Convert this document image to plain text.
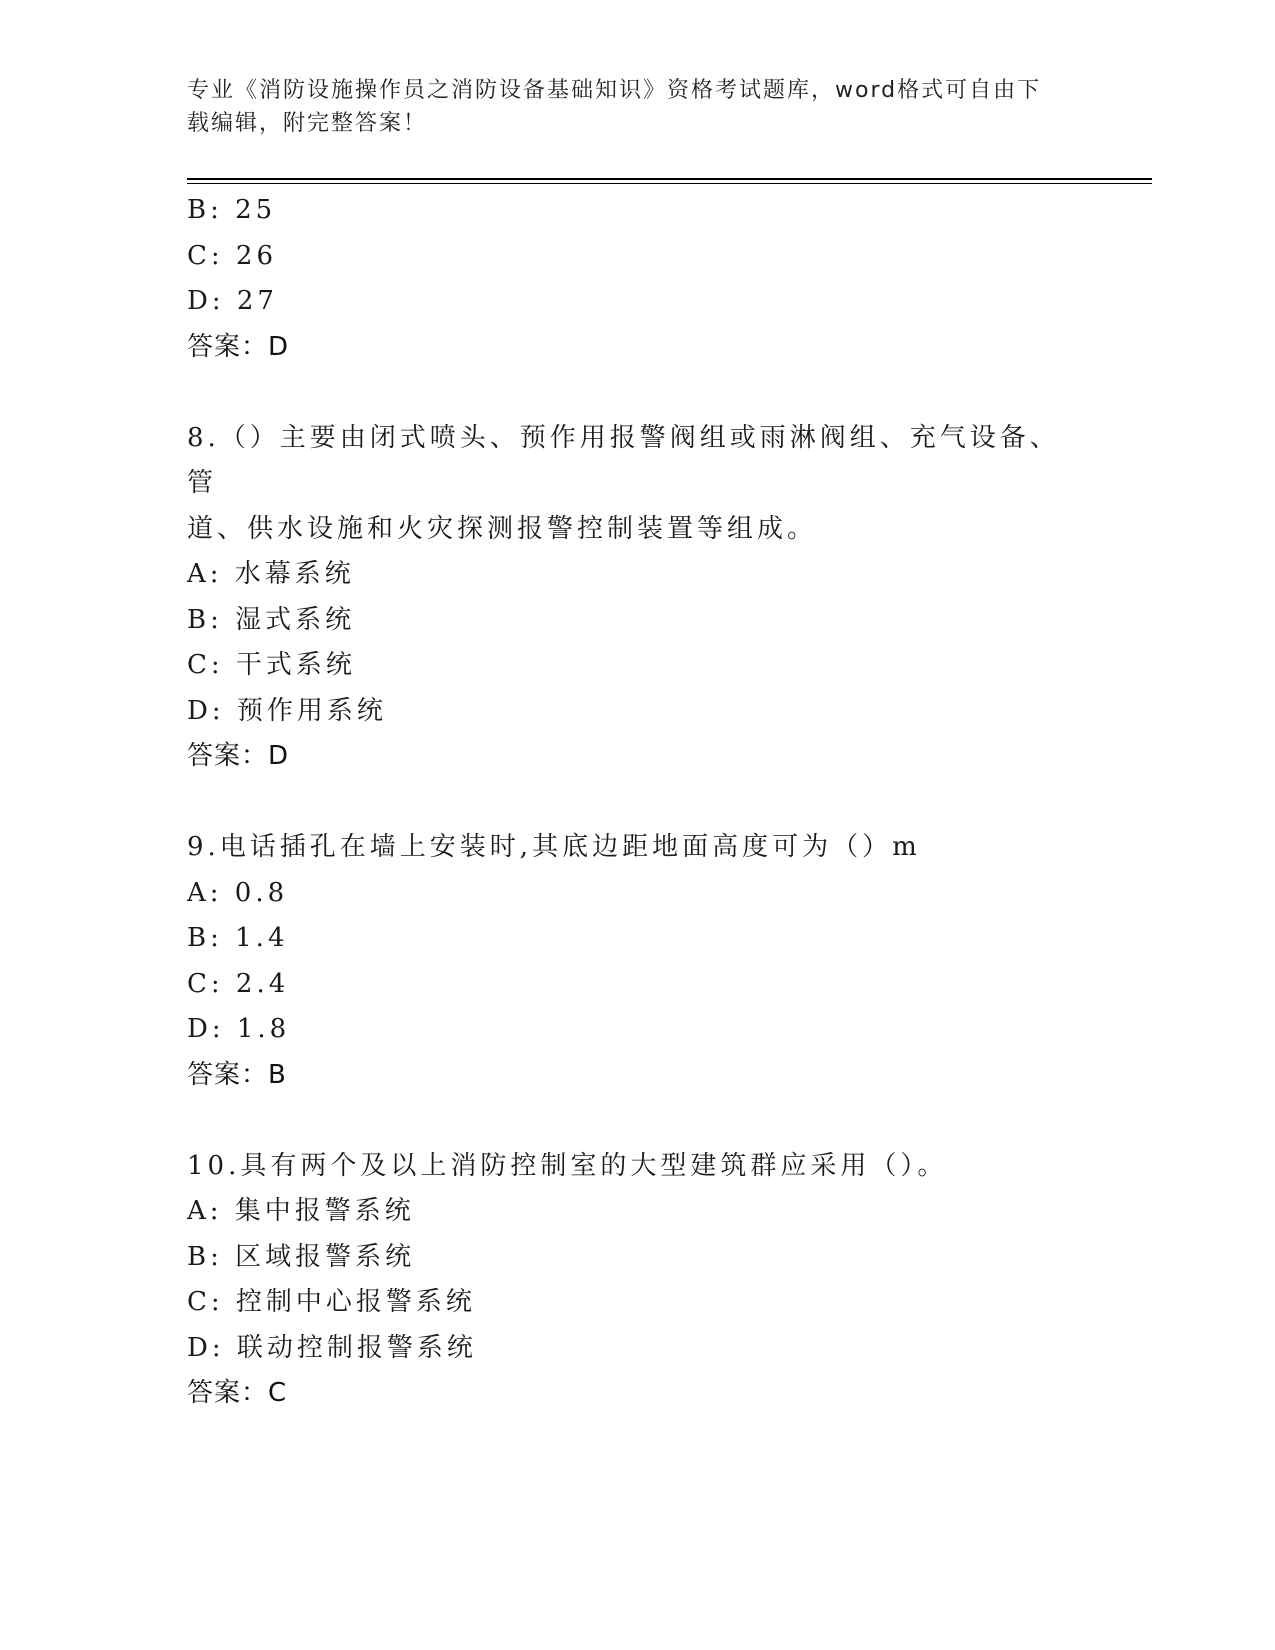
专业《消防设施操作员之消防设备基础知识》资格考试题库，word格式可自由下
载编辑，附完整答案！
B: 25
C: 26
D: 27
答案：D
8.（）主要由闭式喷头、预作用报警阀组或雨淋阀组、充气设备、管
道、供水设施和火灾探测报警控制装置等组成。
A: 水幕系统
B: 湿式系统
C: 干式系统
D: 预作用系统
答案：D
9.电话插孔在墙上安装时,其底边距地面高度可为（）m
A: 0.8
B: 1.4
C: 2.4
D: 1.8
答案：B
10.具有两个及以上消防控制室的大型建筑群应采用（）。
A: 集中报警系统
B: 区域报警系统
C: 控制中心报警系统
D: 联动控制报警系统
答案：C
